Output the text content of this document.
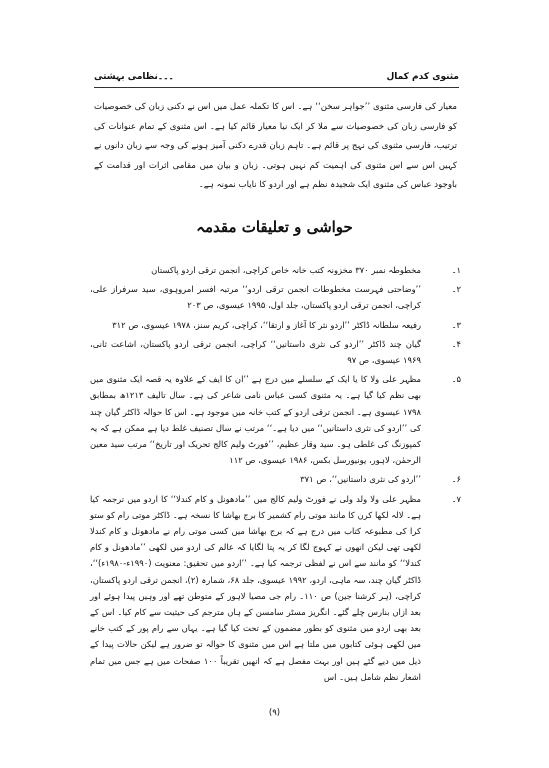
مثنوی کدم کمال
۔۔۔نظامی بہشتی
معیار کی فارسی مثنوی ’’جواہر سخن‘‘ ہے۔ اس کا تکملہ عمل میں اس نے دکنی زبان کی خصوصیات کو فارسی زبان کی خصوصیات سے ملا کر ایک نیا معیار قائم کیا ہے۔ اس مثنوی کے تمام عنوانات کی ترتیب، فارسی مثنوی کی نہج پر قائم ہے۔ تاہم زبان قدرے دکنی آمیز ہونے کی وجہ سے زبان دانوں نے کہیں اس سے اس مثنوی کی اہمیت کم نہیں ہوتی۔ زبان و بیان میں مقامی اثرات اور قدامت کے باوجود عباس کی مثنوی ایک شجیدہ نظم ہے اور اردو کا نایاب نمونہ ہے۔
حواشی و تعلیقات مقدمہ
۱۔
مخطوطہ نمبر ۳۷۰ مخزونہ کتب خانہ خاص کراچی، انجمن ترقی اردو پاکستان
۲۔
’’وضاحتی فہرست مخطوطات انجمن ترقی اردو‘‘ مرتبہ افسر امروہوی، سید سرفراز علی، کراچی، انجمن ترقی اردو پاکستان، جلد اول، ۱۹۹۵ عیسوی، ص ۲۰۳
۳۔
رفیعہ سلطانہ ڈاکٹر ’’اردو نثر کا آغاز و ارتقا‘‘، کراچی، کریم سنز، ۱۹۷۸ عیسوی، ص ۳۱۲
۴۔
گیان چند ڈاکٹر ’’اردو کی نثری داستانیں‘‘ کراچی، انجمن ترقی اردو پاکستان، اشاعت ثانی، ۱۹۶۹ عیسوی، ص ۹۷
۵۔
مظہر علی ولا کا یا ایک کے سلسلے میں درج ہے ’’ان کا ایف کے علاوہ یہ قصہ ایک مثنوی میں بھی نظم کیا گیا ہے۔ یہ مثنوی کسی عباس نامی شاعر کی ہے۔ سال تالیف ۱۲۱۳ھ بمطابق ۱۷۹۸ عیسوی ہے۔ انجمن ترقی اردو کے کتب خانہ میں موجود ہے۔ اس کا حوالہ ڈاکٹر گیان چند کی ’’اردو کی نثری داستانیں‘‘ میں دیا ہے۔‘‘ مرتب نے سال تصنیف غلط دیا ہے ممکن ہے کہ یہ کمپوزنگ کی غلطی ہو۔ سید وقار عظیم، ’’فورٹ ولیم کالج تحریک اور تاریخ‘‘ مرتب سید معین الرحمٰن، لاہور، یونیورسل بکس، ۱۹۸۶ عیسوی، ص ۱۱۲
۶۔
’’اردو کی نثری داستانیں‘‘، ص ۳۷۱
۷۔
مظہر علی ولا ولد ولی نے فورٹ ولیم کالج میں ’’مادھونل و کام کندلا‘‘ کا اردو میں ترجمہ کیا ہے۔ لالہ لکھا کرن کا مانند موتی رام کشمیر کا برج بھاشا کا نسخہ ہے۔ ڈاکٹر موتی رام کو ستو کرا کی مطبوعہ کتاب میں درج ہے کہ برج بھاشا میں کسی موتی رام نے مادھونل و کام کندلا لکھی تھی لیکن انھوں نے کہوج لگا کر یہ پتا لگایا کہ عالم کی اردو میں لکھی ’’مادھونل و کام کندلا‘‘ کو مانند سے اس نے لفظی ترجمہ کیا ہے۔ ’’اردو میں تحقیق: معنویت (۱۹۹۰ء-۱۹۸۰ء)‘‘، ڈاکٹر گیان چند، سہ ماہی، اردو، ۱۹۹۲ عیسوی، جلد ۶۸، شمارہ (۲)، انجمن ترقی اردو پاکستان، کراچی، (ہر کرشنا جین) ص ۱۱۰۔ رام جی مصیا لاہور کے متوطن تھے اور وہیں پیدا ہوئے اور بعد ازاں بنارس چلے گئے۔ انگریز مسٹر سامسن کے ہاں مترجم کی حیثیت سے کام کیا۔ اس کے بعد بھی اردو میں مثنوی کو بطور مضمون کے تحت کیا گیا ہے۔ یہاں سے رام پور کے کتب خانے میں لکھی ہوئی کتابوں میں ملتا ہے اس میں مثنوی کا حوالہ تو ضرور ہے لیکن حالات پیدا کے ذیل میں دیے گئے ہیں اور بہت مفصل ہے کہ انھیں تقریباً ۱۰۰ صفحات میں ہے جس میں تمام اشعار نظم شامل ہیں۔ اس
(۹)
